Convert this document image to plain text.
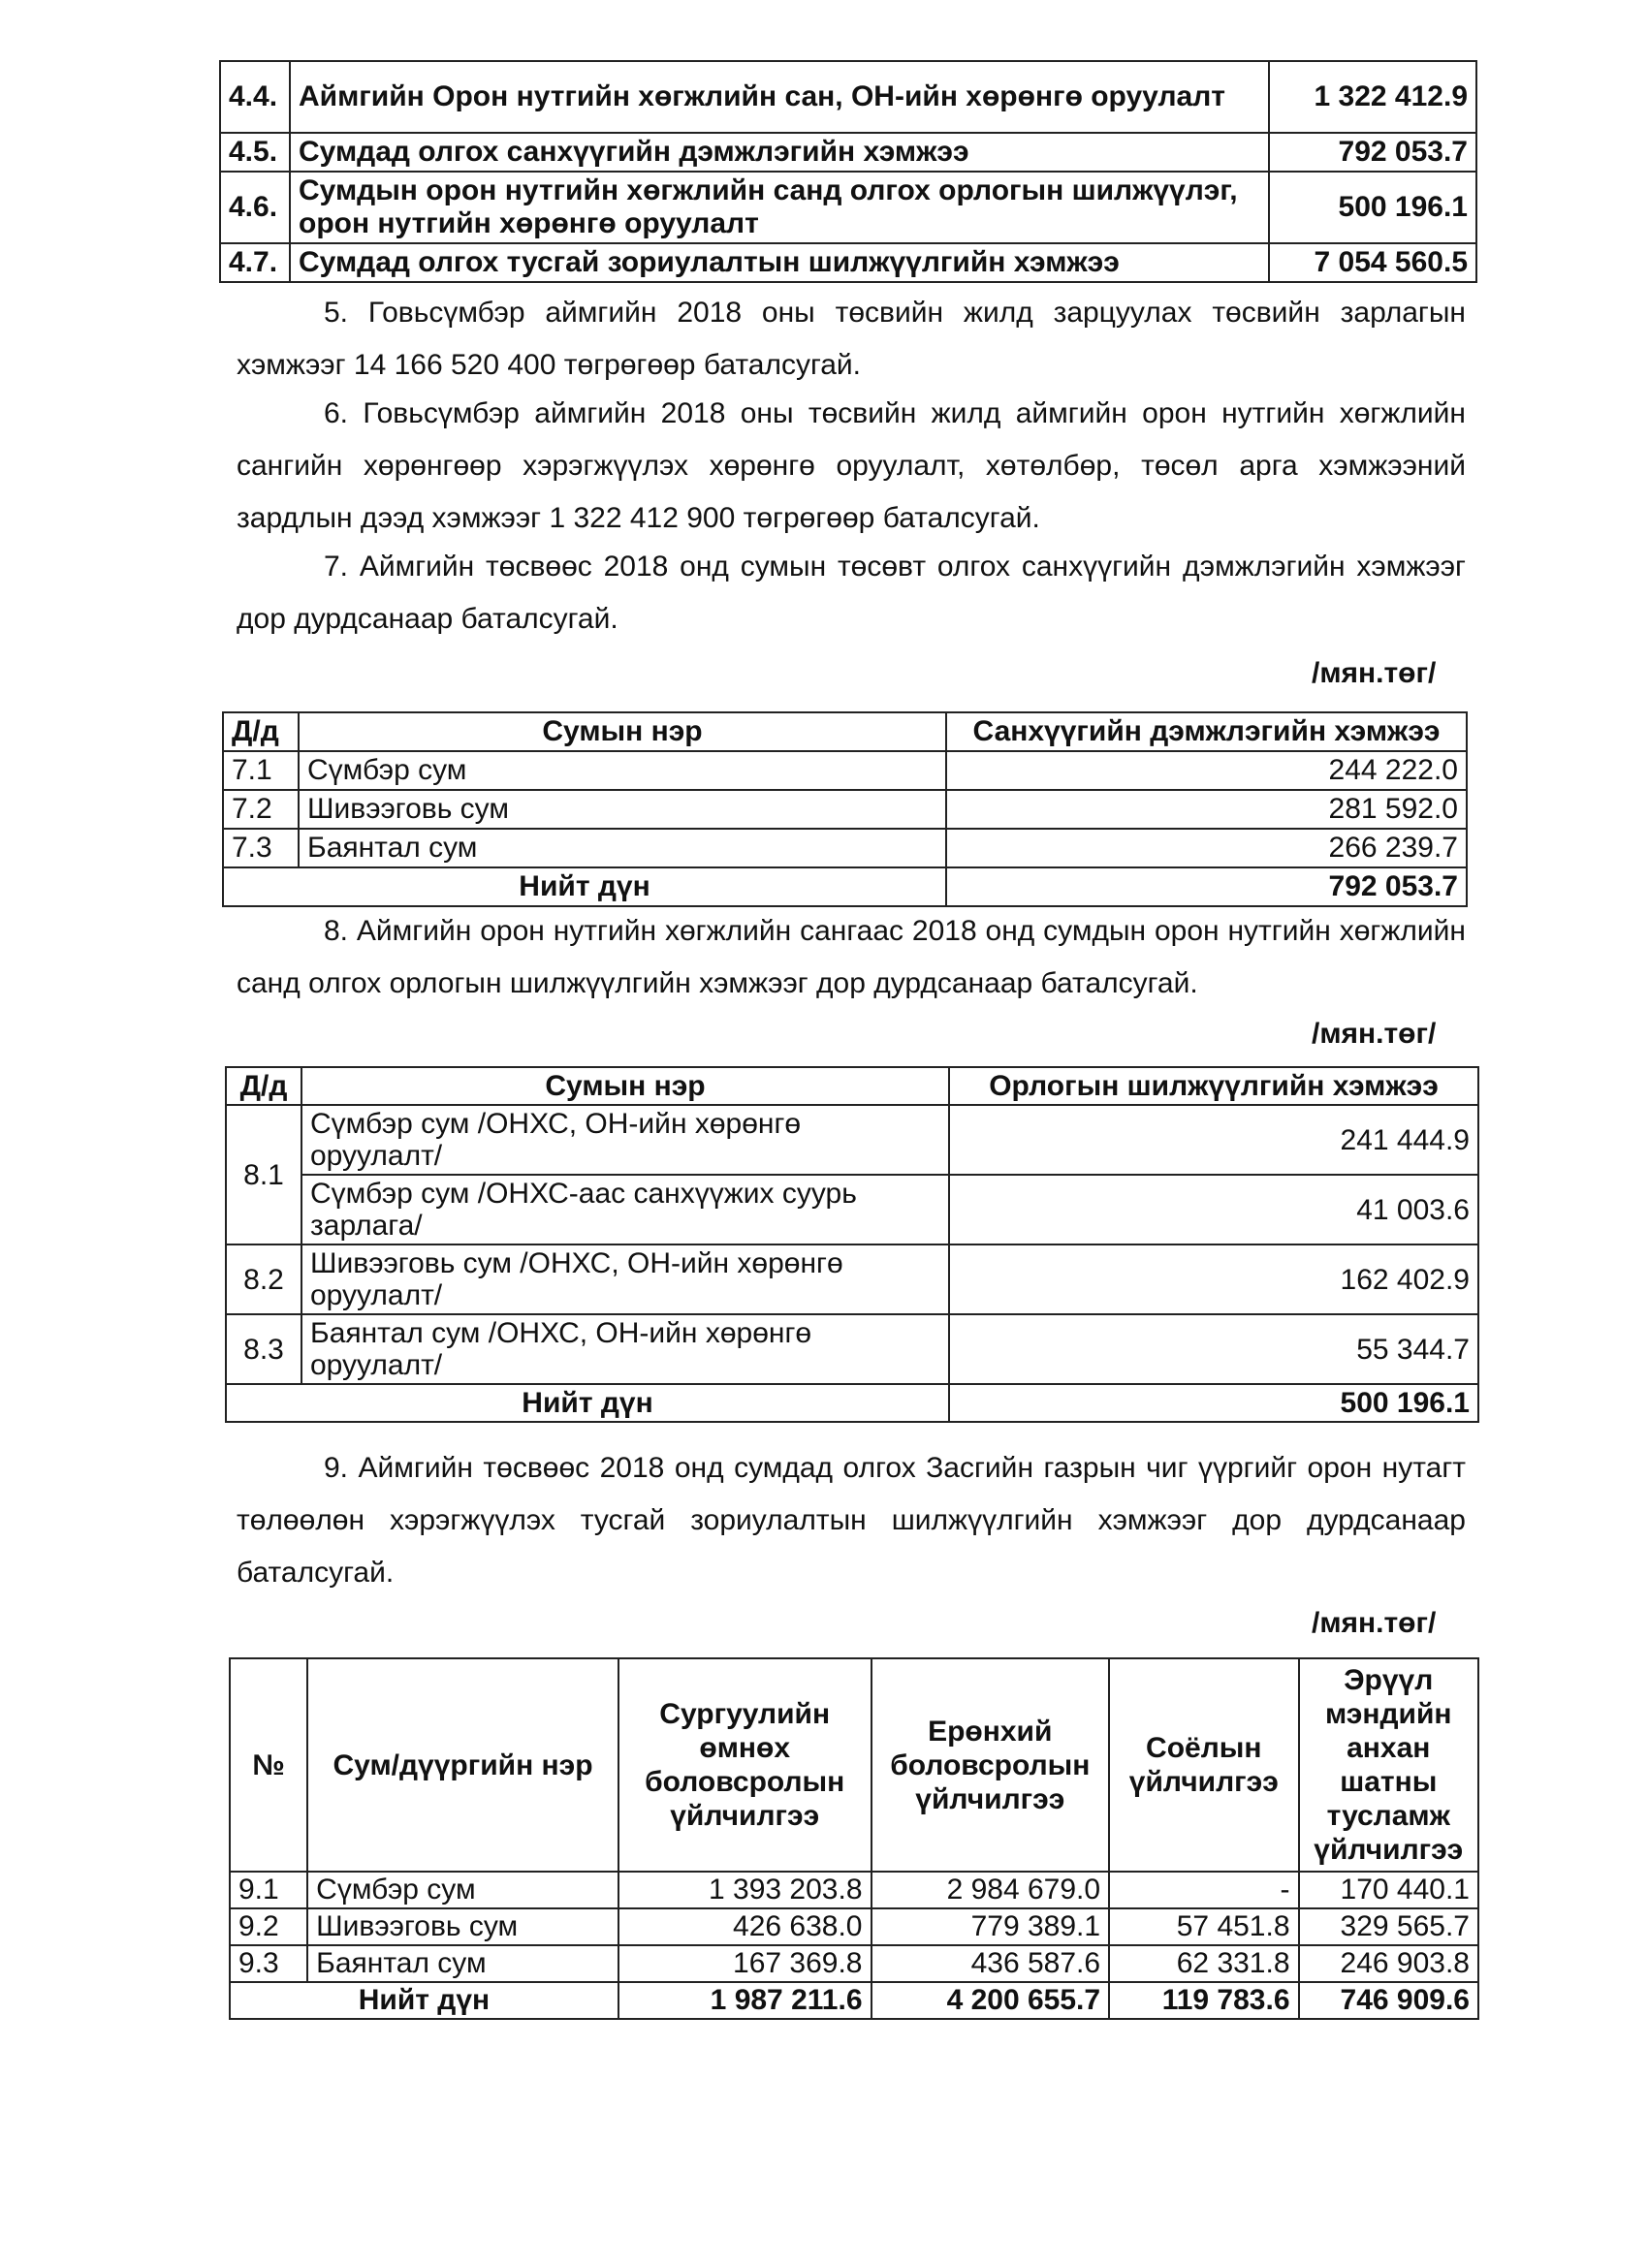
4.4.	Аймгийн Орон нутгийн хөгжлийн сан, ОН-ийн хөрөнгө оруулалт	1 322 412.9
4.5.	Сумдад олгох санхүүгийн дэмжлэгийн хэмжээ	792 053.7
4.6.	Сумдын орон нутгийн хөгжлийн санд олгох орлогын шилжүүлэг, орон нутгийн хөрөнгө оруулалт	500 196.1
4.7.	Сумдад олгох тусгай зориулалтын шилжүүлгийн хэмжээ	7 054 560.5

5. Говьсүмбэр аймгийн 2018 оны төсвийн жилд зарцуулах төсвийн зарлагын хэмжээг 14 166 520 400 төгрөгөөр баталсугай.

6. Говьсүмбэр аймгийн 2018 оны төсвийн жилд аймгийн орон нутгийн хөгжлийн сангийн хөрөнгөөр хэрэгжүүлэх хөрөнгө оруулалт, хөтөлбөр, төсөл арга хэмжээний зардлын дээд хэмжээг 1 322 412 900 төгрөгөөр баталсугай.

7. Аймгийн төсвөөс 2018 онд сумын төсөвт олгох санхүүгийн дэмжлэгийн хэмжээг дор дурдсанаар баталсугай.

/мян.төг/
Д/д	Сумын нэр	Санхүүгийн дэмжлэгийн хэмжээ
7.1	Сүмбэр сум	244 222.0
7.2	Шивээговь сум	281 592.0
7.3	Баянтал сум	266 239.7
Нийт дүн		792 053.7

8. Аймгийн орон нутгийн хөгжлийн сангаас 2018 онд сумдын орон нутгийн хөгжлийн санд олгох орлогын шилжүүлгийн хэмжээг дор дурдсанаар баталсугай.

/мян.төг/
Д/д	Сумын нэр	Орлогын шилжүүлгийн хэмжээ
8.1	Сүмбэр сум /ОНХС, ОН-ийн хөрөнгө оруулалт/	241 444.9
	Сүмбэр сум /ОНХС-аас санхүүжих суурь зарлага/	41 003.6
8.2	Шивээговь сум /ОНХС, ОН-ийн хөрөнгө оруулалт/	162 402.9
8.3	Баянтал сум /ОНХС, ОН-ийн хөрөнгө оруулалт/	55 344.7
Нийт дүн		500 196.1

9. Аймгийн төсвөөс 2018 онд сумдад олгох Засгийн газрын чиг үүргийг орон нутагт төлөөлөн хэрэгжүүлэх тусгай зориулалтын шилжүүлгийн хэмжээг дор дурдсанаар баталсугай.

/мян.төг/
№	Сум/дүүргийн нэр	Сургуулийн өмнөх боловсролын үйлчилгээ	Ерөнхий боловсролын үйлчилгээ	Соёлын үйлчилгээ	Эрүүл мэндийн анхан шатны тусламж үйлчилгээ
9.1	Сүмбэр сум	1 393 203.8	2 984 679.0	-	170 440.1
9.2	Шивээговь сум	426 638.0	779 389.1	57 451.8	329 565.7
9.3	Баянтал сум	167 369.8	436 587.6	62 331.8	246 903.8
Нийт дүн		1 987 211.6	4 200 655.7	119 783.6	746 909.6
